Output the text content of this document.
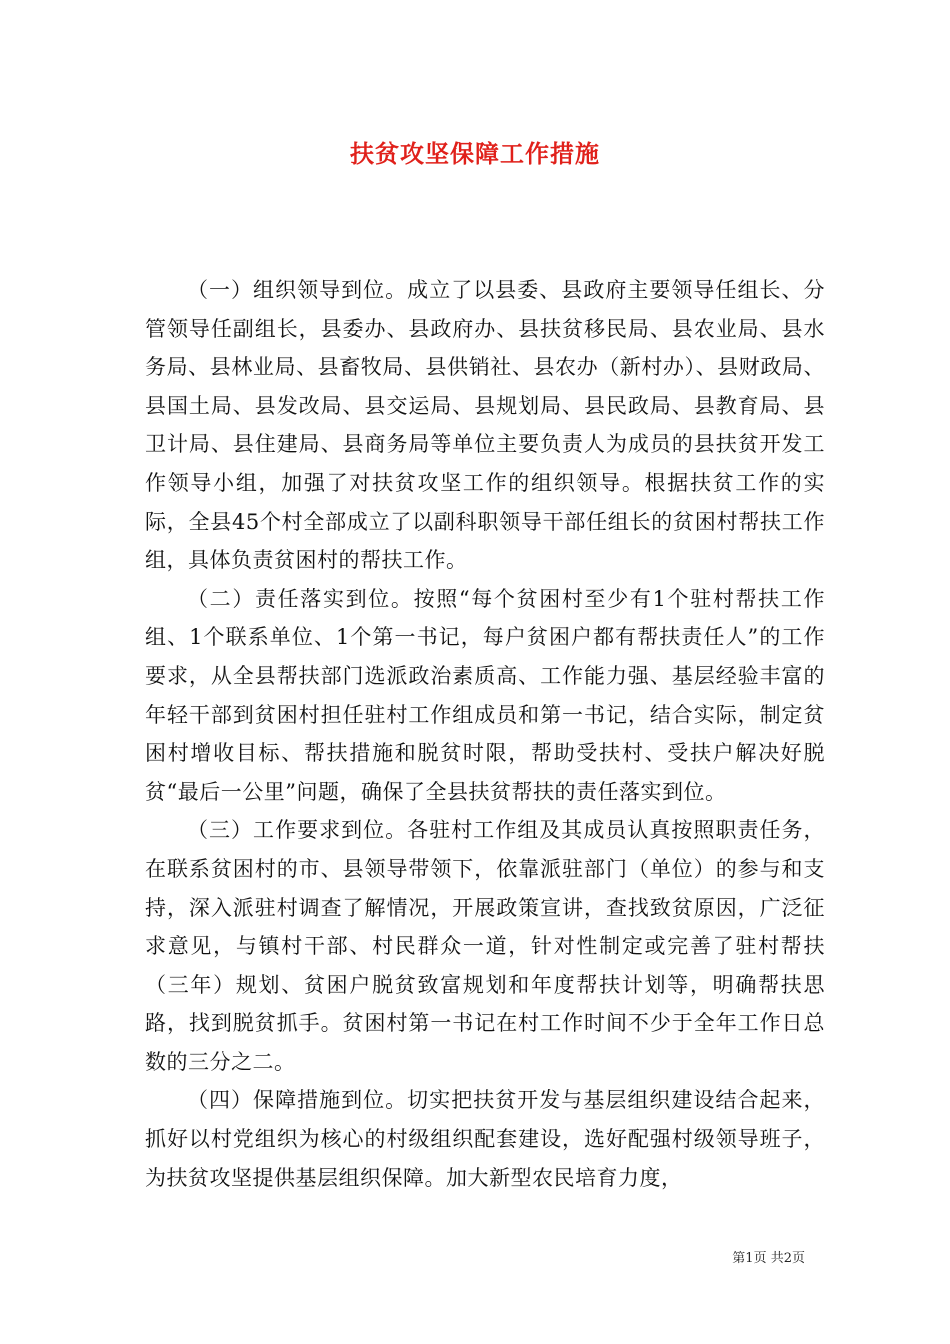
扶贫攻坚保障工作措施

（一）组织领导到位。成立了以县委、县政府主要领导任组长、分管领导任副组长，县委办、县政府办、县扶贫移民局、县农业局、县水务局、县林业局、县畜牧局、县供销社、县农办（新村办）、县财政局、县国土局、县发改局、县交运局、县规划局、县民政局、县教育局、县卫计局、县住建局、县商务局等单位主要负责人为成员的县扶贫开发工作领导小组，加强了对扶贫攻坚工作的组织领导。根据扶贫工作的实际，全县45个村全部成立了以副科职领导干部任组长的贫困村帮扶工作组，具体负责贫困村的帮扶工作。

（二）责任落实到位。按照“每个贫困村至少有1个驻村帮扶工作组、1个联系单位、1个第一书记，每户贫困户都有帮扶责任人”的工作要求，从全县帮扶部门选派政治素质高、工作能力强、基层经验丰富的年轻干部到贫困村担任驻村工作组成员和第一书记，结合实际，制定贫困村增收目标、帮扶措施和脱贫时限，帮助受扶村、受扶户解决好脱贫“最后一公里”问题，确保了全县扶贫帮扶的责任落实到位。

（三）工作要求到位。各驻村工作组及其成员认真按照职责任务，在联系贫困村的市、县领导带领下，依靠派驻部门（单位）的参与和支持，深入派驻村调查了解情况，开展政策宣讲，查找致贫原因，广泛征求意见，与镇村干部、村民群众一道，针对性制定或完善了驻村帮扶（三年）规划、贫困户脱贫致富规划和年度帮扶计划等，明确帮扶思路，找到脱贫抓手。贫困村第一书记在村工作时间不少于全年工作日总数的三分之二。

（四）保障措施到位。切实把扶贫开发与基层组织建设结合起来，抓好以村党组织为核心的村级组织配套建设，选好配强村级领导班子，为扶贫攻坚提供基层组织保障。加大新型农民培育力度，

第1页 共2页
